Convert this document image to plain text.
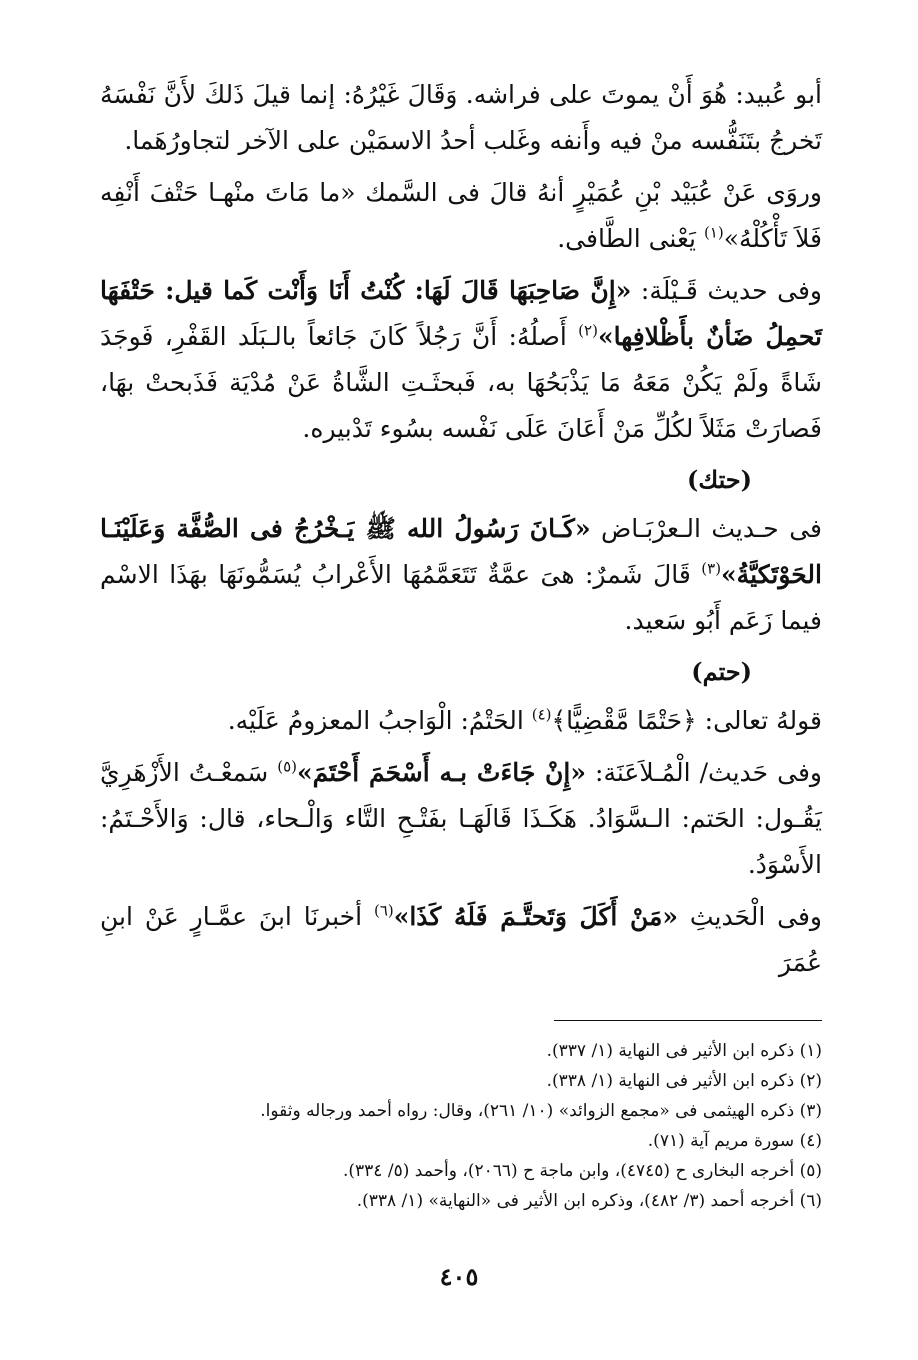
أبو عُبيد: هُوَ أَنْ يموتَ على فراشه. وَقَالَ غَيْرُهُ: إنما قيلَ ذَلكَ لأَنَّ نَفْسَهُ تَخرجُ بتَنَفُّسه منْ فيه وأَنفه وغَلب أحدُ الاسمَيْن على الآخر لتجاورُهَما.

وروَى عَنْ عُبَيْد بْنِ عُمَيْرٍ أنهُ قالَ فى السَّمك «ما مَاتَ منْهـا حَتْفَ أَنْفِه فَلاَ تَأْكُلْهُ»$^{(١)}$ يَعْنى الطَّافى.

وفى حديث قَـيْلَة: «إِنَّ صَاحِبَهَا قَالَ لَهَا: كُنْتُ أَنَا وَأَنْت كَما قيل: حَتْفَهَا تَحمِلُ ضَأنٌ بأَظْلافِها»$^{(٢)}$ أَصلُهُ: أَنَّ رَجُلاً كَانَ جَائعاً بالـبَلَد القَفْرِ، فَوجَدَ شَاةً ولَمْ يَكُنْ مَعَهُ مَا يَذْبَحُهَا به، فَبحثَـتِ الشَّاةُ عَنْ مُدْيَة فَذَبحتْ بهَا، فَصارَتْ مَثَلاً لكُلِّ مَنْ أَعَانَ عَلَى نَفْسه بسُوء تَدْبيره.

(حتك)

فى حـديث الـعرْبَـاض «كَـانَ رَسُولُ الله ﷺ يَـخْرُجُ فى الصُّفَّة وَعَلَيْنَـا الحَوْتَكيَّةُ»$^{(٣)}$ قَالَ شَمرٌ: هىَ عمَّةٌ تَتَعَمَّمُهَا الأَعْرابُ يُسَمُّونَهَا بهَذَا الاسْم فيما زَعَم أَبُو سَعيد.

(حتم)

قولهُ تعالى: ﴿حَتْمًا مَّقْضِيًّا﴾$^{(٤)}$ الحَتْمُ: الْوَاجبُ المعزومُ عَلَيْه.

وفى حَديث/ الْمُـلاَعَنَة: «إِنْ جَاءَتْ بـه أَسْحَمَ أَحْتَمَ»$^{(٥)}$ سَمعْـتُ الأَزْهَرِيَّ يَقُـول: الحَتم: الـسَّوَادُ. هَكَـذَا قَالَهَـا بفَتْـحِ التَّاء وَالْـحاء، قال: وَالأَحْـتَمُ: الأَسْوَدُ.

وفى الْحَديثِ «مَنْ أَكَلَ وَتَحتَّـمَ فَلَهُ كَذَا»$^{(٦)}$ أخبرنَا ابنَ عمَّـارٍ عَنْ ابنِ عُمَرَ

(١) ذكره ابن الأثير فى النهاية (١/ ٣٣٧).
(٢) ذكره ابن الأثير فى النهاية (١/ ٣٣٨).
(٣) ذكره الهيثمى فى «مجمع الزوائد» (١٠/ ٢٦١)، وقال: رواه أحمد ورجاله وثقوا.
(٤) سورة مريم آية (٧١).
(٥) أخرجه البخارى ح (٤٧٤٥)، وابن ماجة ح (٢٠٦٦)، وأحمد (٥/ ٣٣٤).
(٦) أخرجه أحمد (٣/ ٤٨٢)، وذكره ابن الأثير فى «النهاية» (١/ ٣٣٨).
٤٠٥
